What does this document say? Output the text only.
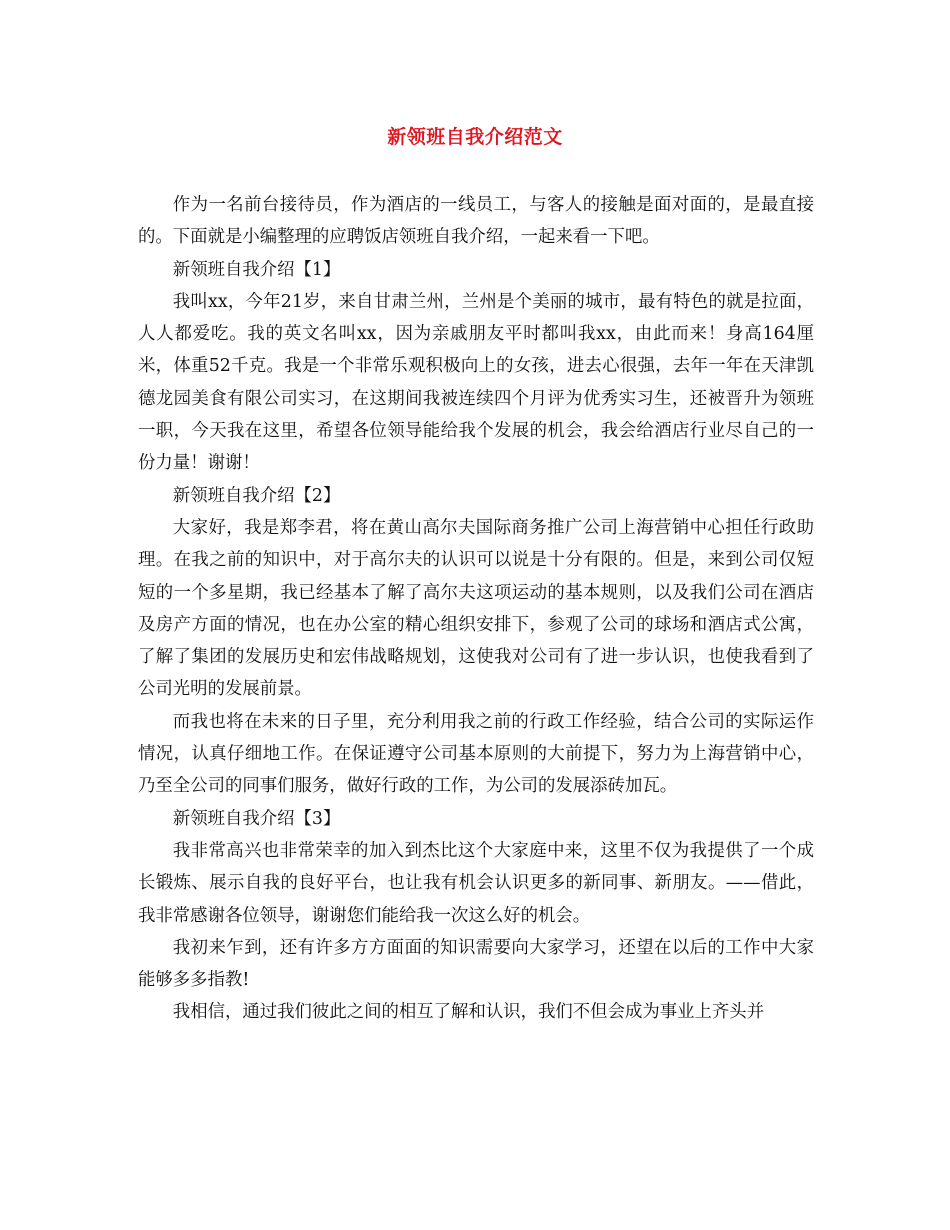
新领班自我介绍范文

作为一名前台接待员，作为酒店的一线员工，与客人的接触是面对面的，是最直接的。下面就是小编整理的应聘饭店领班自我介绍，一起来看一下吧。

新领班自我介绍【1】

我叫xx，今年21岁，来自甘肃兰州，兰州是个美丽的城市，最有特色的就是拉面，人人都爱吃。我的英文名叫xx，因为亲戚朋友平时都叫我xx，由此而来！身高164厘米，体重52千克。我是一个非常乐观积极向上的女孩，进去心很强，去年一年在天津凯德龙园美食有限公司实习，在这期间我被连续四个月评为优秀实习生，还被晋升为领班一职，今天我在这里，希望各位领导能给我个发展的机会，我会给酒店行业尽自己的一份力量！谢谢！

新领班自我介绍【2】

大家好，我是郑李君，将在黄山高尔夫国际商务推广公司上海营销中心担任行政助理。在我之前的知识中，对于高尔夫的认识可以说是十分有限的。但是，来到公司仅短短的一个多星期，我已经基本了解了高尔夫这项运动的基本规则，以及我们公司在酒店及房产方面的情况，也在办公室的精心组织安排下，参观了公司的球场和酒店式公寓，了解了集团的发展历史和宏伟战略规划，这使我对公司有了进一步认识，也使我看到了公司光明的发展前景。

而我也将在未来的日子里，充分利用我之前的行政工作经验，结合公司的实际运作情况，认真仔细地工作。在保证遵守公司基本原则的大前提下，努力为上海营销中心，乃至全公司的同事们服务，做好行政的工作，为公司的发展添砖加瓦。

新领班自我介绍【3】

我非常高兴也非常荣幸的加入到杰比这个大家庭中来，这里不仅为我提供了一个成长锻炼、展示自我的良好平台，也让我有机会认识更多的新同事、新朋友。——借此，我非常感谢各位领导，谢谢您们能给我一次这么好的机会。

我初来乍到，还有许多方方面面的知识需要向大家学习，还望在以后的工作中大家能够多多指教!

我相信，通过我们彼此之间的相互了解和认识，我们不但会成为事业上齐头并
